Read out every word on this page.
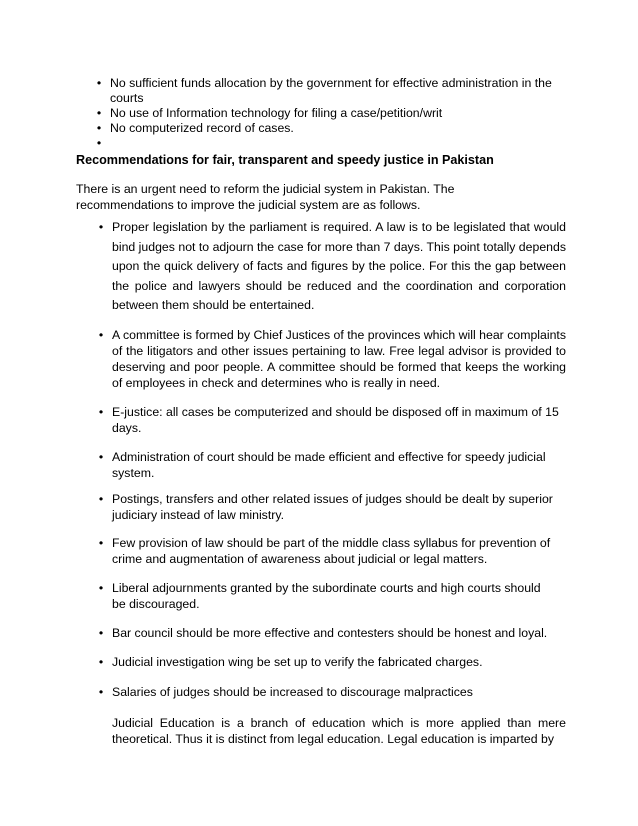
•
No sufficient funds allocation by the government for effective administration in the courts
•
No use of Information technology for filing a case/petition/writ
•
No computerized record of cases.
•
Recommendations for fair, transparent and speedy justice in Pakistan
There is an urgent need to reform the judicial system in Pakistan. The recommendations to improve the judicial system are as follows.
•
Proper legislation by the parliament is required. A law is to be legislated that would bind judges not to adjourn the case for more than 7 days. This point totally depends upon the quick delivery of facts and figures by the police. For this the gap between the police and lawyers should be reduced and the coordination and corporation between them should be entertained.
•
A committee is formed by Chief Justices of the provinces which will hear complaints of the litigators and other issues pertaining to law. Free legal advisor is provided to deserving and poor people. A committee should be formed that keeps the working of employees in check and determines who is really in need.
•
E-justice: all cases be computerized and should be disposed off in maximum of 15 days.
•
Administration of court should be made efficient and effective for speedy judicial system.
•
Postings, transfers and other related issues of judges should be dealt by superior judiciary instead of law ministry.
•
Few provision of law should be part of the middle class syllabus for prevention of crime and augmentation of awareness about judicial or legal matters.
•
Liberal adjournments granted by the subordinate courts and high courts should be discouraged.
•
Bar council should be more effective and contesters should be honest and loyal.
•
Judicial investigation wing be set up to verify the fabricated charges.
•
Salaries of judges should be increased to discourage malpractices
Judicial Education is a branch of education which is more applied than mere theoretical. Thus it is distinct from legal education. Legal education is imparted by
